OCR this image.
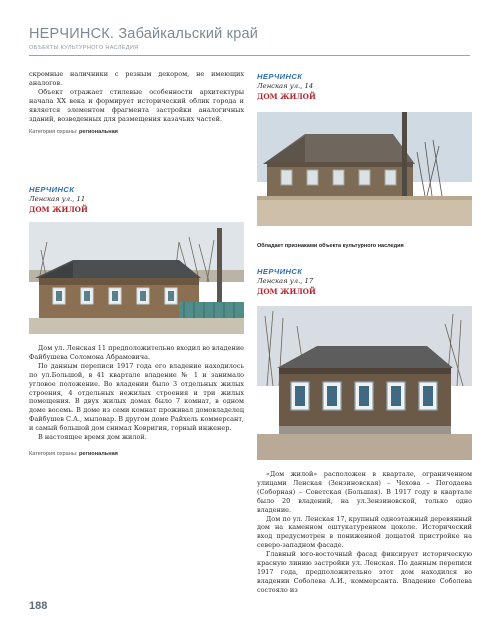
НЕРЧИНСК. Забайкальский край
ОБЪЕКТЫ КУЛЬТУРНОГО НАСЛЕДИЯ

скромные наличники с резным декором, не имеющих аналогов.

Объект отражает стилевые особенности архитектуры начала XX века и формирует исторический облик города и является элементом фрагмента застройки аналогичных зданий, возведенных для размещения казачьих частей.

Категория охраны: региональная

НЕРЧИНСК
Ленская ул., 11
ДОМ ЖИЛОЙ

Дом ул. Ленская 11 предположительно входил во владение Файбушева Соломона Абрамовича.

По данным переписи 1917 года его владение находилось по ул.Большой, в 41 квартале владение № 1 и занимало угловое положение. Во владении было 3 отдельных жилых строения, 4 отдельных нежилых строения и три жилых помещения. В двух жилых домах было 7 комнат, в одном доме восемь. В доме из семи комнат проживал домовладелец Файбушев С.А., мыловар. В другом доме Райхель коммерсант, и самый большой дом снимал Ковригин, горный инженер.

В настоящее время дом жилой.

Категория охраны: региональная

НЕРЧИНСК
Ленская ул., 14
ДОМ ЖИЛОЙ
Обладает признаками объекта культурного наследия
НЕРЧИНСК
Ленская ул., 17
ДОМ ЖИЛОЙ

«Дом жилой» расположен в квартале, ограниченном улицами Ленская (Зензиновская) – Чехова – Погодаева (Соборная) – Советская (Большая). В 1917 году в квартале было 20 владений, на ул.Зензиновской, только одно владение.

Дом по ул. Ленская 17, крупный одноэтажный деревянный дом на каменном оштукатуренном цоколе. Исторический вход предусмотрен в пониженной дощатой пристройке на северо-западном фасаде.

Главный юго-восточный фасад фиксирует историческую красную линию застройки ул. Ленская. По данным переписи 1917 года, предположительно этот дом находился во владении Соболева А.И., коммерсанта. Владение Соболева состояло из

188
